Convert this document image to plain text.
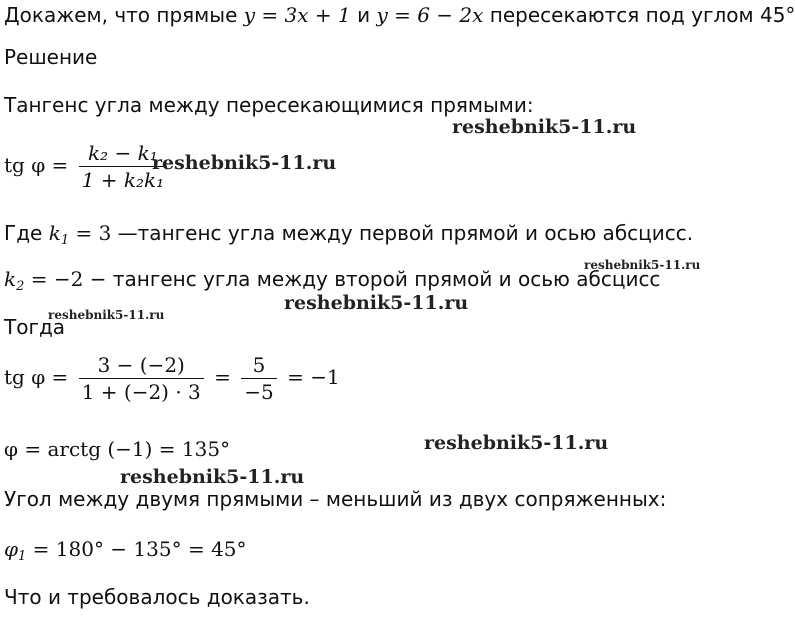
Докажем, что прямые y = 3x + 1 и y = 6 − 2x пересекаются под углом 45°
Решение
Тангенс угла между пересекающимися прямыми:
tg $\varphi = \frac{\text{k₂ − k₁}}{\text{1 + k₂k₁}}$
Где $k_1 = 3$ —тангенс угла между первой прямой и осью абсцисс.
$k_2 = -2$ − тангенс угла между второй прямой и осью абсцисс
Тогда
tg $\varphi = \frac{3 - (-2)}{1 + (-2) \cdot 3} = \frac{5}{-5} = -1$
φ = arctg (−1) = 135°
Угол между двумя прямыми – меньший из двух сопряженных:
$\varphi_1 = 180^\circ - 135^\circ = 45^\circ$
Что и требовалось доказать.
reshebnik5-11.ru
reshebnik5-11.ru
reshebnik5-11.ru
reshebnik5-11.ru
reshebnik5-11.ru
reshebnik5-11.ru
reshebnik5-11.ru
